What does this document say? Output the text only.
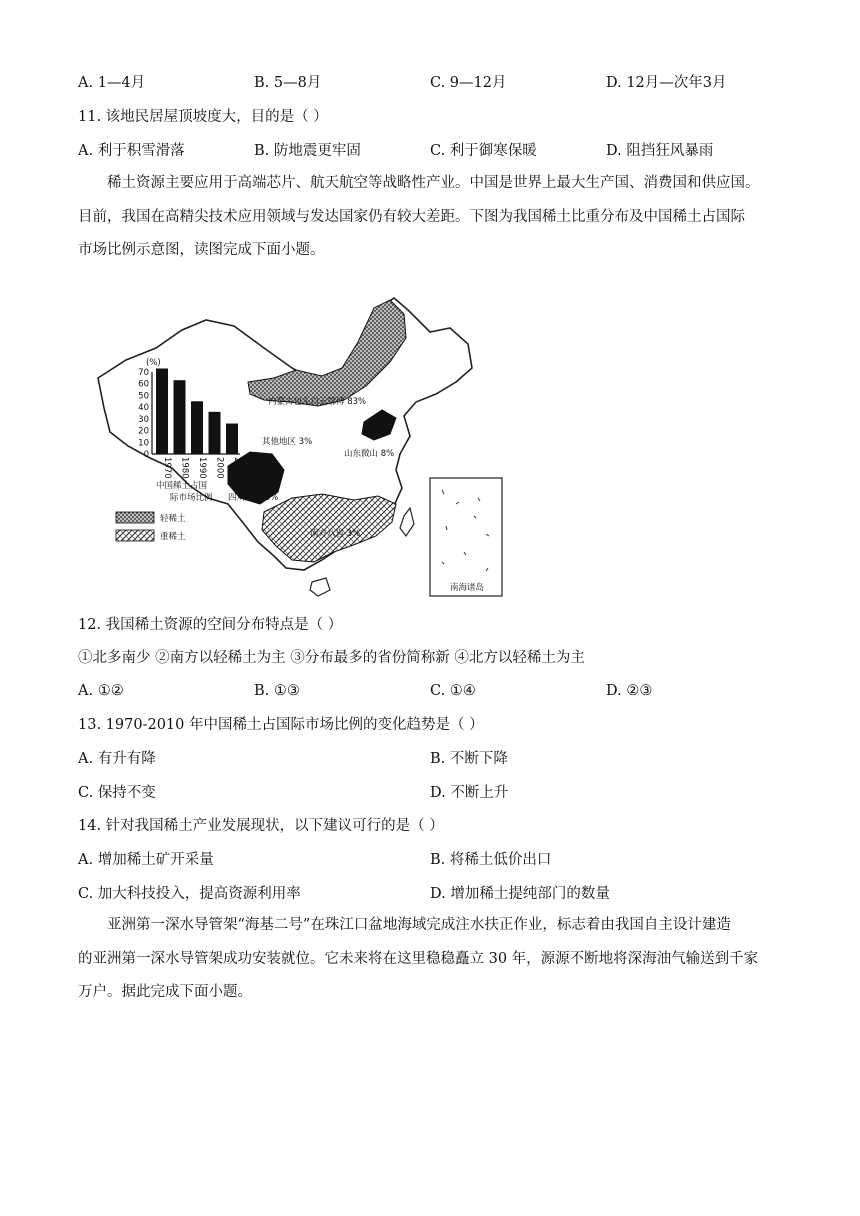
A. 1—4月	B. 5—8月	C. 9—12月	D. 12月—次年3月
11. 该地民居屋顶坡度大，目的是（ ）
A. 利于积雪滑落	B. 防地震更牢固	C. 利于御寒保暖	D. 阻挡狂风暴雨

稀土资源主要应用于高端芯片、航天航空等战略性产业。中国是世界上最大生产国、消费国和供应国。

目前，我国在高精尖技术应用领域与发达国家仍有较大差距。下图为我国稀土比重分布及中国稀土占国际

市场比例示意图，读图完成下面小题。

内蒙古包头白云鄂博 83%
其他地区 3%
山东微山 8%
四川冕宁 3%
南方八省 3%
南海诸岛
(%)
70
60
50
40
30
20
10
0
1970 1980 1990 2000 2010
中国稀土占国
际市场比例
轻稀土
重稀土
12. 我国稀土资源的空间分布特点是（ ）
①北多南少 ②南方以轻稀土为主 ③分布最多的省份简称新 ④北方以轻稀土为主
A. ①②	B. ①③	C. ①④	D. ②③
13. 1970-2010 年中国稀土占国际市场比例的变化趋势是（ ）
A. 有升有降	B. 不断下降
C. 保持不变	D. 不断上升
14. 针对我国稀土产业发展现状，以下建议可行的是（ ）
A. 增加稀土矿开采量	B. 将稀土低价出口
C. 加大科技投入，提高资源利用率	D. 增加稀土提纯部门的数量

亚洲第一深水导管架“海基二号”在珠江口盆地海域完成注水扶正作业，标志着由我国自主设计建造

的亚洲第一深水导管架成功安装就位。它未来将在这里稳稳矗立 30 年，源源不断地将深海油气输送到千家

万户。据此完成下面小题。
